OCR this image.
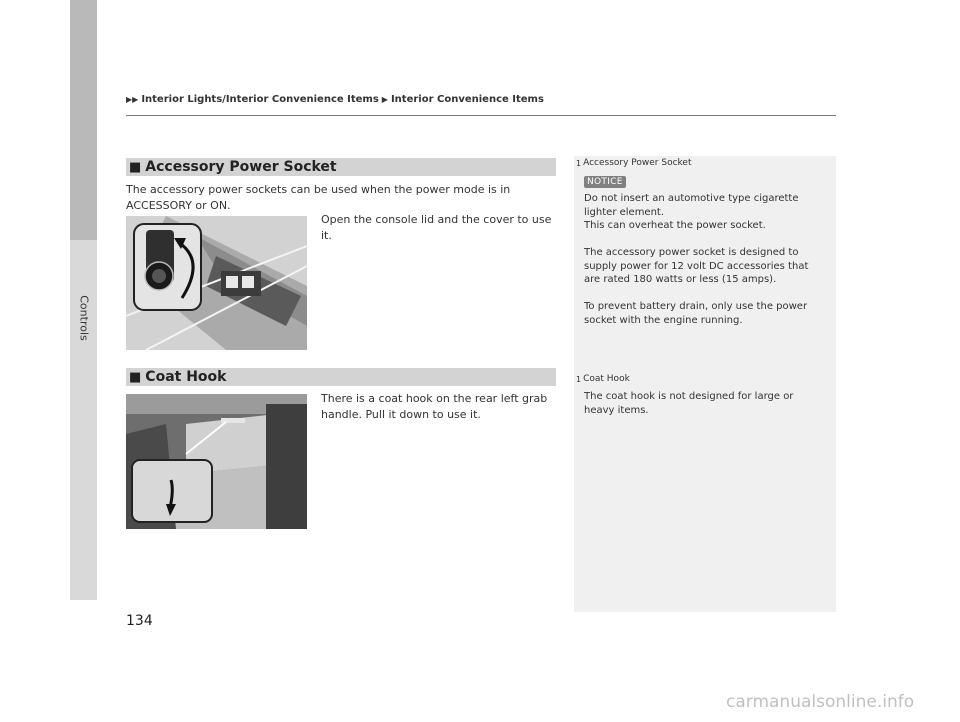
Controls
▶▶ Interior Lights/Interior Convenience Items ▶ Interior Convenience Items
■ Accessory Power Socket
The accessory power sockets can be used when the power mode is in ACCESSORY or ON.
Open the console lid and the cover to use it.
■ Coat Hook
There is a coat hook on the rear left grab handle. Pull it down to use it.
1 Accessory Power Socket
NOTICE
Do not insert an automotive type cigarette lighter element.
This can overheat the power socket.
The accessory power socket is designed to supply power for 12 volt DC accessories that are rated 180 watts or less (15 amps).
To prevent battery drain, only use the power socket with the engine running.
1 Coat Hook
The coat hook is not designed for large or heavy items.
134
carmanualsonline.info
